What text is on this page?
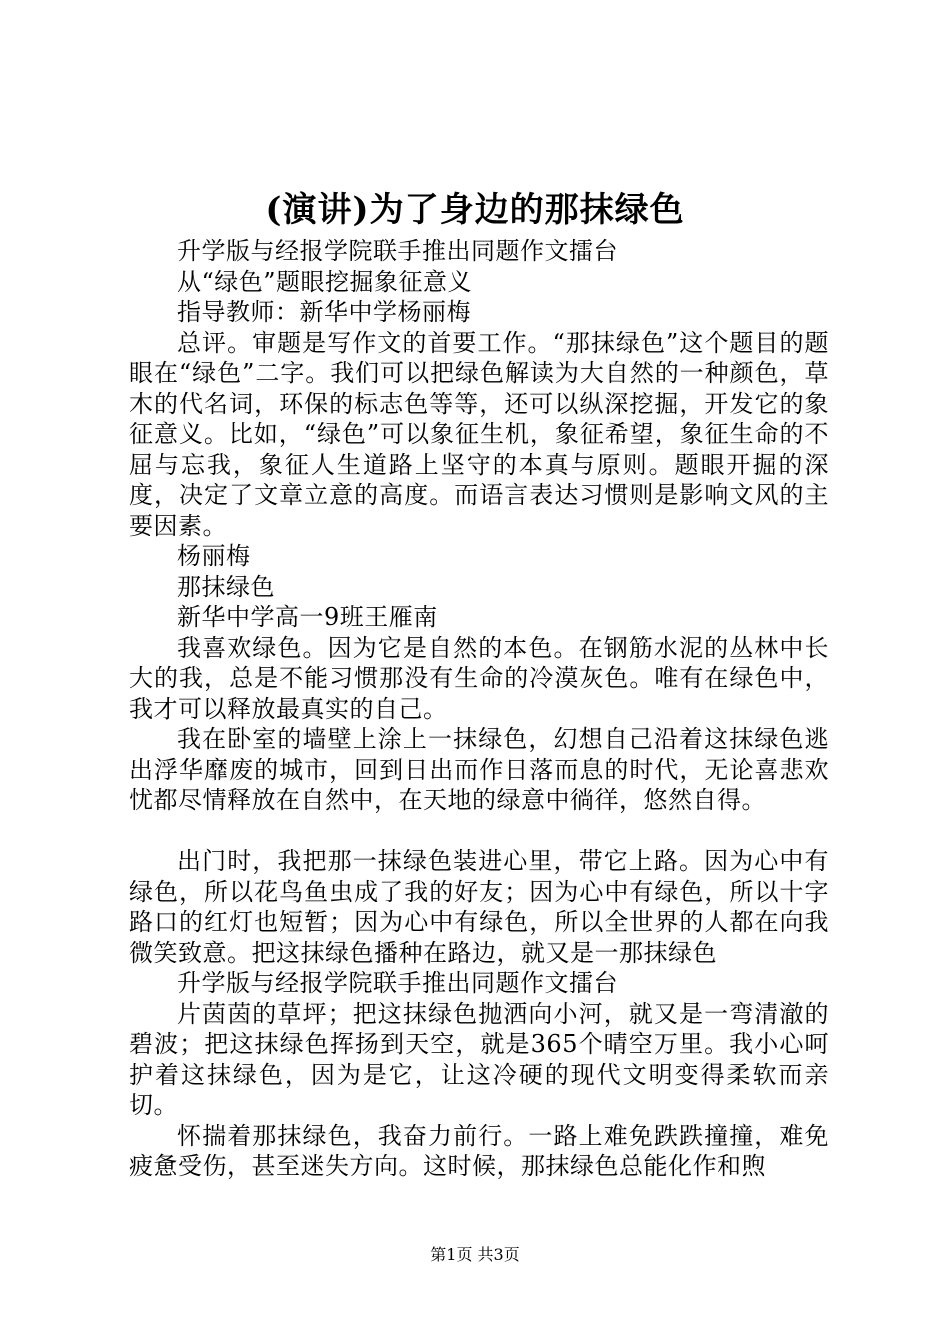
(演讲)为了身边的那抹绿色

升学版与经报学院联手推出同题作文擂台

从“绿色”题眼挖掘象征意义

指导教师：新华中学杨丽梅

总评。审题是写作文的首要工作。“那抹绿色”这个题目的题眼在“绿色”二字。我们可以把绿色解读为大自然的一种颜色，草木的代名词，环保的标志色等等，还可以纵深挖掘，开发它的象征意义。比如，“绿色”可以象征生机，象征希望，象征生命的不屈与忘我，象征人生道路上坚守的本真与原则。题眼开掘的深度，决定了文章立意的高度。而语言表达习惯则是影响文风的主要因素。

杨丽梅

那抹绿色

新华中学高一9班王雁南

我喜欢绿色。因为它是自然的本色。在钢筋水泥的丛林中长大的我，总是不能习惯那没有生命的冷漠灰色。唯有在绿色中，我才可以释放最真实的自己。

我在卧室的墙壁上涂上一抹绿色，幻想自己沿着这抹绿色逃出浮华靡废的城市，回到日出而作日落而息的时代，无论喜悲欢忧都尽情释放在自然中，在天地的绿意中徜徉，悠然自得。

出门时，我把那一抹绿色装进心里，带它上路。因为心中有绿色，所以花鸟鱼虫成了我的好友；因为心中有绿色，所以十字路口的红灯也短暂；因为心中有绿色，所以全世界的人都在向我微笑致意。把这抹绿色播种在路边，就又是一那抹绿色

升学版与经报学院联手推出同题作文擂台

片茵茵的草坪；把这抹绿色抛洒向小河，就又是一弯清澈的碧波；把这抹绿色挥扬到天空，就是365个晴空万里。我小心呵护着这抹绿色，因为是它，让这冷硬的现代文明变得柔软而亲切。

怀揣着那抹绿色，我奋力前行。一路上难免跌跌撞撞，难免疲惫受伤，甚至迷失方向。这时候，那抹绿色总能化作和煦

第1页 共3页
